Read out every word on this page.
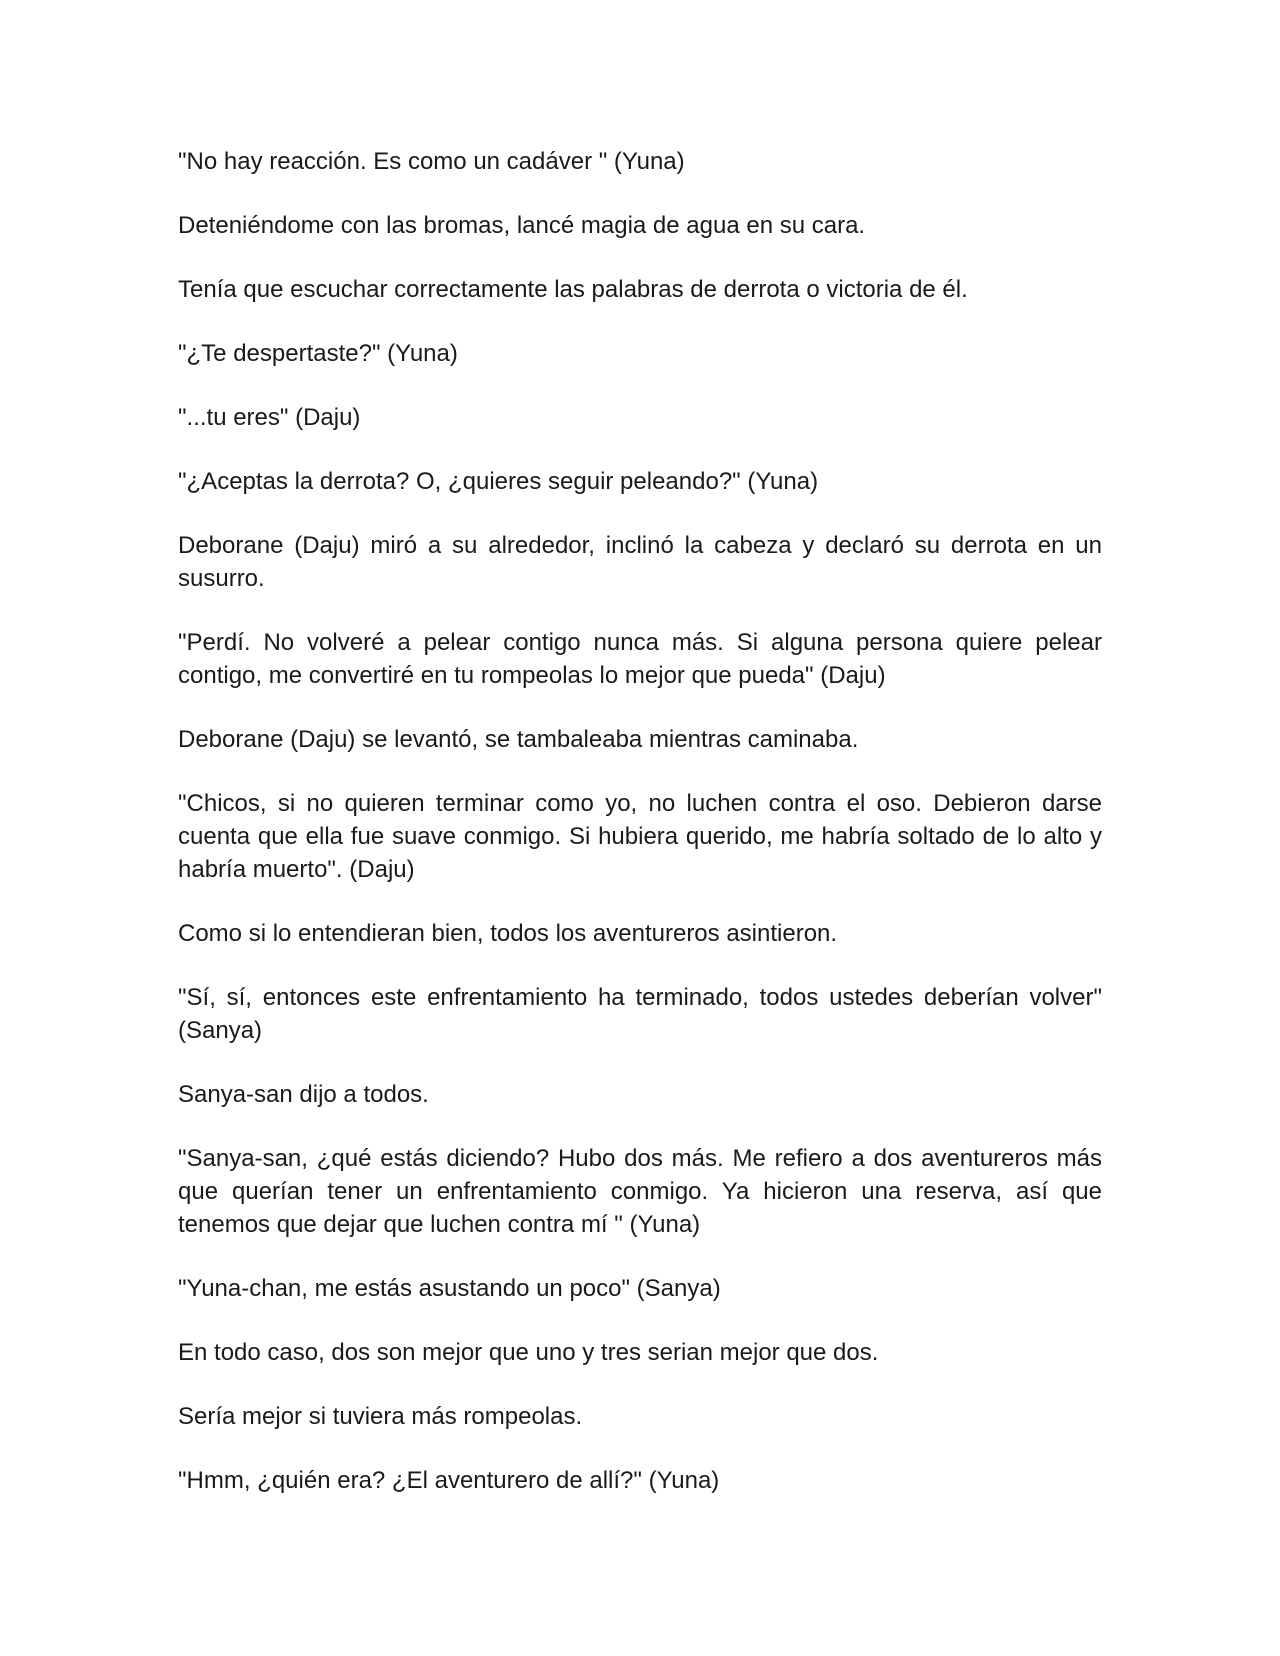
"No hay reacción. Es como un cadáver " (Yuna)

Deteniéndome con las bromas, lancé magia de agua en su cara.

Tenía que escuchar correctamente las palabras de derrota o victoria de él.

"¿Te despertaste?" (Yuna)

"...tu eres" (Daju)

"¿Aceptas la derrota? O, ¿quieres seguir peleando?" (Yuna)

Deborane (Daju) miró a su alrededor, inclinó la cabeza y declaró su derrota en un susurro.

"Perdí. No volveré a pelear contigo nunca más. Si alguna persona quiere pelear contigo, me convertiré en tu rompeolas lo mejor que pueda" (Daju)

Deborane (Daju) se levantó, se tambaleaba mientras caminaba.

"Chicos, si no quieren terminar como yo, no luchen contra el oso. Debieron darse cuenta que ella fue suave conmigo. Si hubiera querido, me habría soltado de lo alto y habría muerto". (Daju)

Como si lo entendieran bien, todos los aventureros asintieron.

"Sí, sí, entonces este enfrentamiento ha terminado, todos ustedes deberían volver" (Sanya)

Sanya-san dijo a todos.

"Sanya-san, ¿qué estás diciendo? Hubo dos más. Me refiero a dos aventureros más que querían tener un enfrentamiento conmigo. Ya hicieron una reserva, así que tenemos que dejar que luchen contra mí " (Yuna)

"Yuna-chan, me estás asustando un poco" (Sanya)

En todo caso, dos son mejor que uno y tres serian mejor que dos.

Sería mejor si tuviera más rompeolas.

"Hmm, ¿quién era? ¿El aventurero de allí?" (Yuna)
